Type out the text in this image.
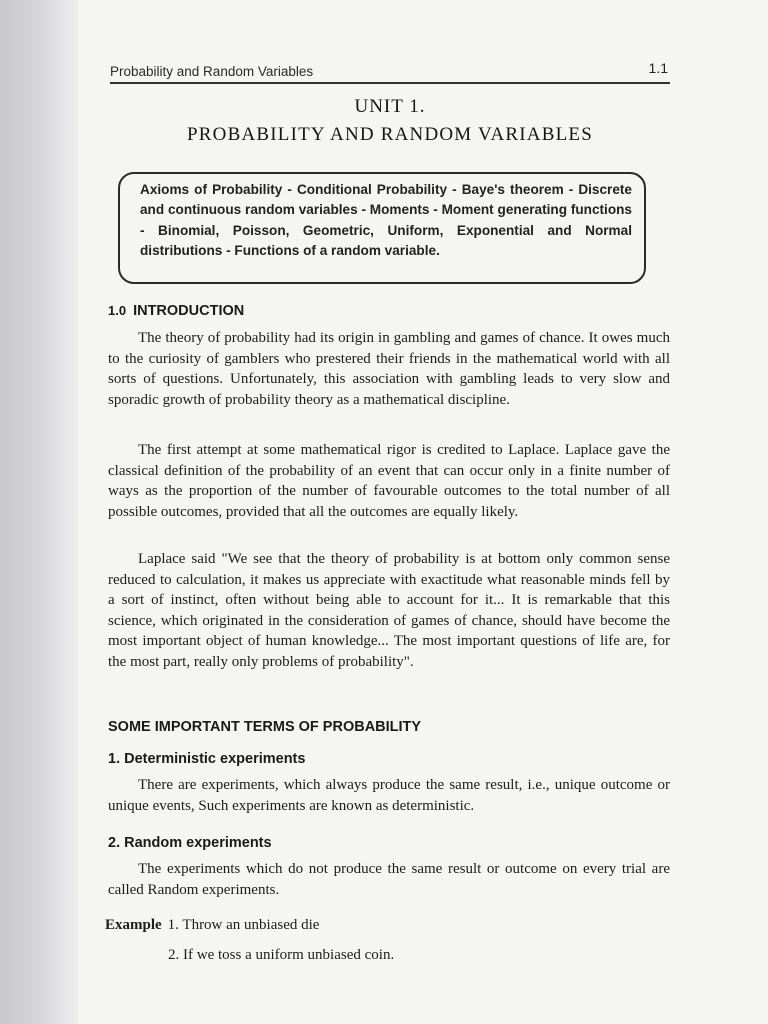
Probability and Random Variables	1.1
UNIT 1.
PROBABILITY AND RANDOM VARIABLES

Axioms of Probability - Conditional Probability - Baye's theorem - Discrete and continuous random variables - Moments - Moment generating functions - Binomial, Poisson, Geometric, Uniform, Exponential and Normal distributions - Functions of a random variable.

1.0 INTRODUCTION

The theory of probability had its origin in gambling and games of chance. It owes much to the curiosity of gamblers who prestered their friends in the mathematical world with all sorts of questions. Unfortunately, this association with gambling leads to very slow and sporadic growth of probability theory as a mathematical discipline.

The first attempt at some mathematical rigor is credited to Laplace. Laplace gave the classical definition of the probability of an event that can occur only in a finite number of ways as the proportion of the number of favourable outcomes to the total number of all possible outcomes, provided that all the outcomes are equally likely.

Laplace said "We see that the theory of probability is at bottom only common sense reduced to calculation, it makes us appreciate with exactitude what reasonable minds fell by a sort of instinct, often without being able to account for it... It is remarkable that this science, which originated in the consideration of games of chance, should have become the most important object of human knowledge... The most important questions of life are, for the most part, really only problems of probability".

SOME IMPORTANT TERMS OF PROBABILITY
1. Deterministic experiments

There are experiments, which always produce the same result, i.e., unique outcome or unique events, Such experiments are known as deterministic.

2. Random experiments

The experiments which do not produce the same result or outcome on every trial are called Random experiments.

Example 1. Throw an unbiased die
2. If we toss a uniform unbiased coin.
